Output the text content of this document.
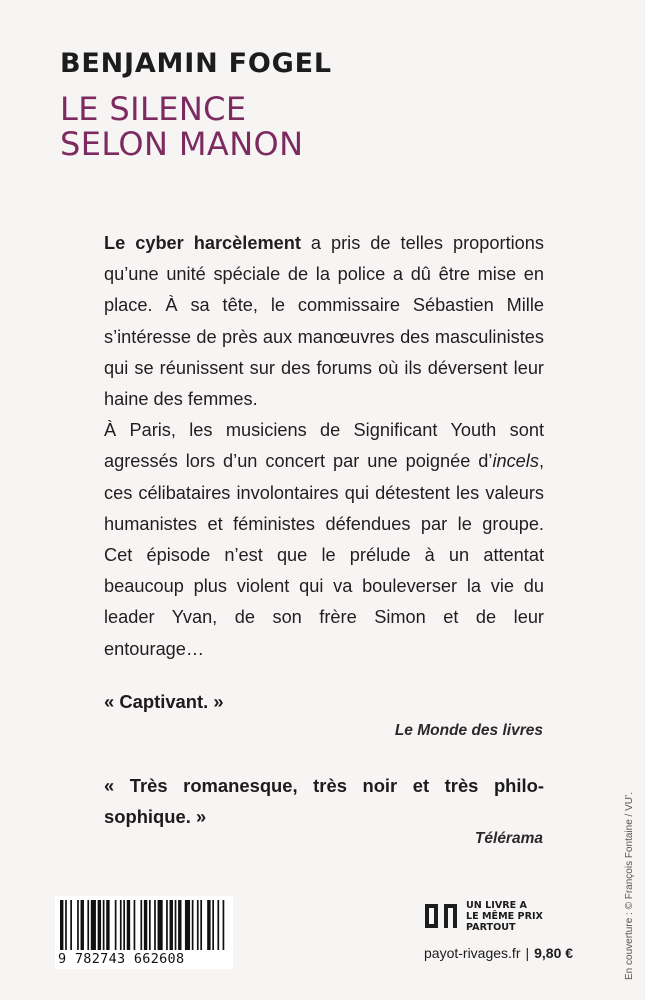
BENJAMIN FOGEL
LE SILENCE
SELON MANON

Le cyber harcèlement a pris de telles proportions qu’une unité spéciale de la police a dû être mise en place. À sa tête, le commissaire Sébastien Mille s’intéresse de près aux manœuvres des masculinistes qui se réunissent sur des forums où ils déversent leur haine des femmes.

À Paris, les musiciens de Significant Youth sont agressés lors d’un concert par une poignée d’incels, ces célibataires involontaires qui détestent les valeurs humanistes et féministes défendues par le groupe. Cet épisode n’est que le prélude à un attentat beaucoup plus violent qui va bouleverser la vie du leader Yvan, de son frère Simon et de leur entourage…

« Captivant. »
Le Monde des livres
« Très romanesque, très noir et très philosophique. »
Télérama
9 782743 662608
UN LIVRE A
LE MÊME PRIX
PARTOUT
payot-rivages.fr | 9,80 €	En couverture : © François Fontaine / VU’.
